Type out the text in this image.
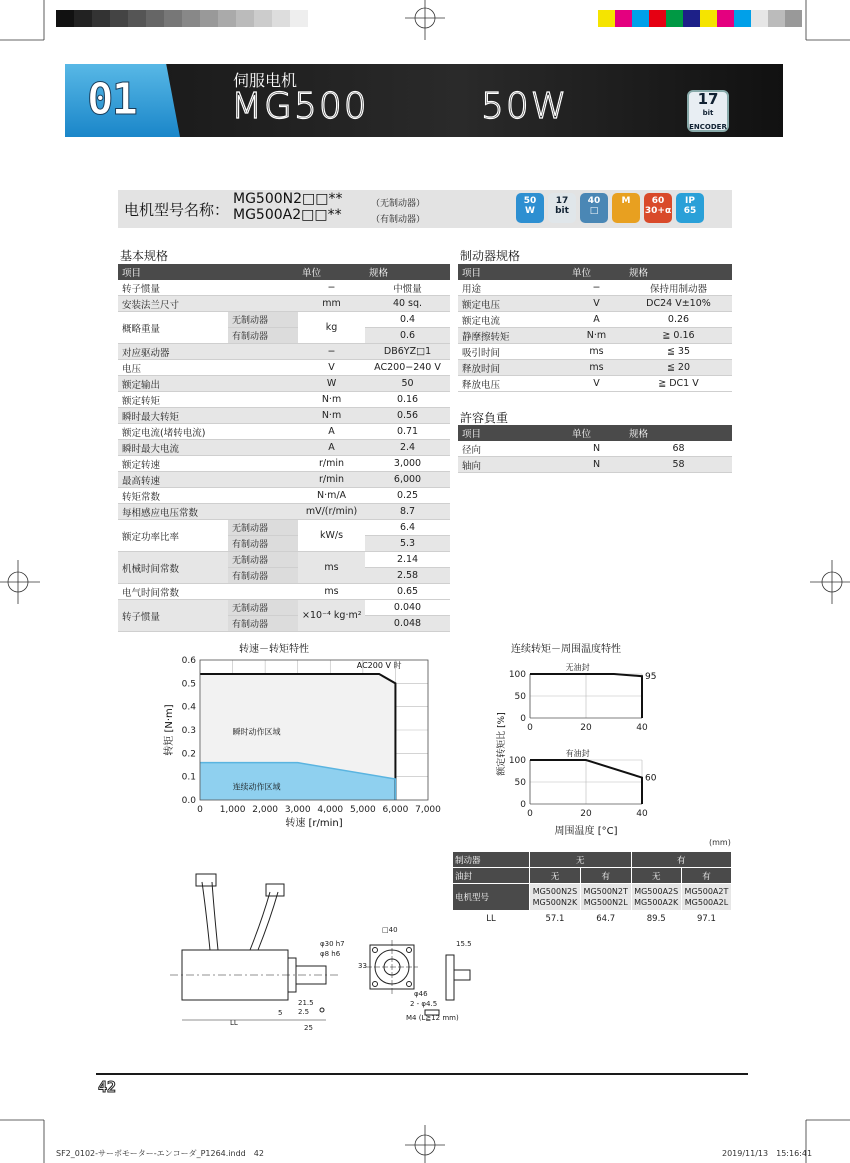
01	伺服电机
MG500	50W	17
bit
ENCODER
电机型号名称：
MG500N2□□**	（无制动器）
MG500A2□□**	（有制动器）
50
W
17
bit
40
□
M	60
30+α
IP
65
基本规格
项目		单位	规格
转子惯量		−	中惯量
安装法兰尺寸		mm	40 sq.
概略重量	无制动器	kg	0.4
	有制动器		0.6
对应驱动器		−	DB6YZ□1
电压		V	AC200−240 V
额定输出		W	50
额定转矩		N·m	0.16
瞬时最大转矩		N·m	0.56
额定电流(堵转电流)		A	0.71
瞬时最大电流		A	2.4
额定转速		r/min	3,000
最高转速		r/min	6,000
转矩常数		N·m/A	0.25
每相感应电压常数		mV/(r/min)	8.7
额定功率比率	无制动器	kW/s	6.4
	有制动器		5.3
机械时间常数	无制动器	ms	2.14
	有制动器		2.58
电气时间常数		ms	0.65
转子惯量	无制动器	×10⁻⁴ kg·m²	0.040
	有制动器		0.048
制动器规格
项目	单位	规格
用途	−	保持用制动器
额定电压	V	DC24 V±10%
额定电流	A	0.26
静摩擦转矩	N·m	≧ 0.16
吸引时间	ms	≦ 35
释放时间	ms	≦ 20
释放电压	V	≧ DC1 V
許容負重
项目	单位	规格
径向	N	68
轴向	N	58
0.0
0.1
0.2
0.3
0.4
0.5
0.6
0 1,000 2,000 3,000 4,000 5,000 6,000 7,000
转速－转矩特性
AC200 V 时
瞬时动作区域
连续动作区域
转速 [r/min]
转矩 [N·m]
连续转矩－周围温度特性
0
50
100
0	20	40
无油封
95
0
50
100
0	20	40
有油封
60
周围温度 [°C]
额定转矩比 [%]
LL
25
21.5
5 2.5
□40
33
φ8 h6
φ30 h7
φ46
2 - φ4.5
M4 (L≧12 mm)
15.5
(mm)
制动器	无		有	
油封	无	有	无	有
电机型号	MG500N2S MG500N2K	MG500N2T MG500N2L	MG500A2S MG500A2K	MG500A2T MG500A2L
LL	57.1	64.7	89.5	97.1
42
SF2_0102-サーボモーター-エンコーダ_P1264.indd　42	2019/11/13　15:16:41
